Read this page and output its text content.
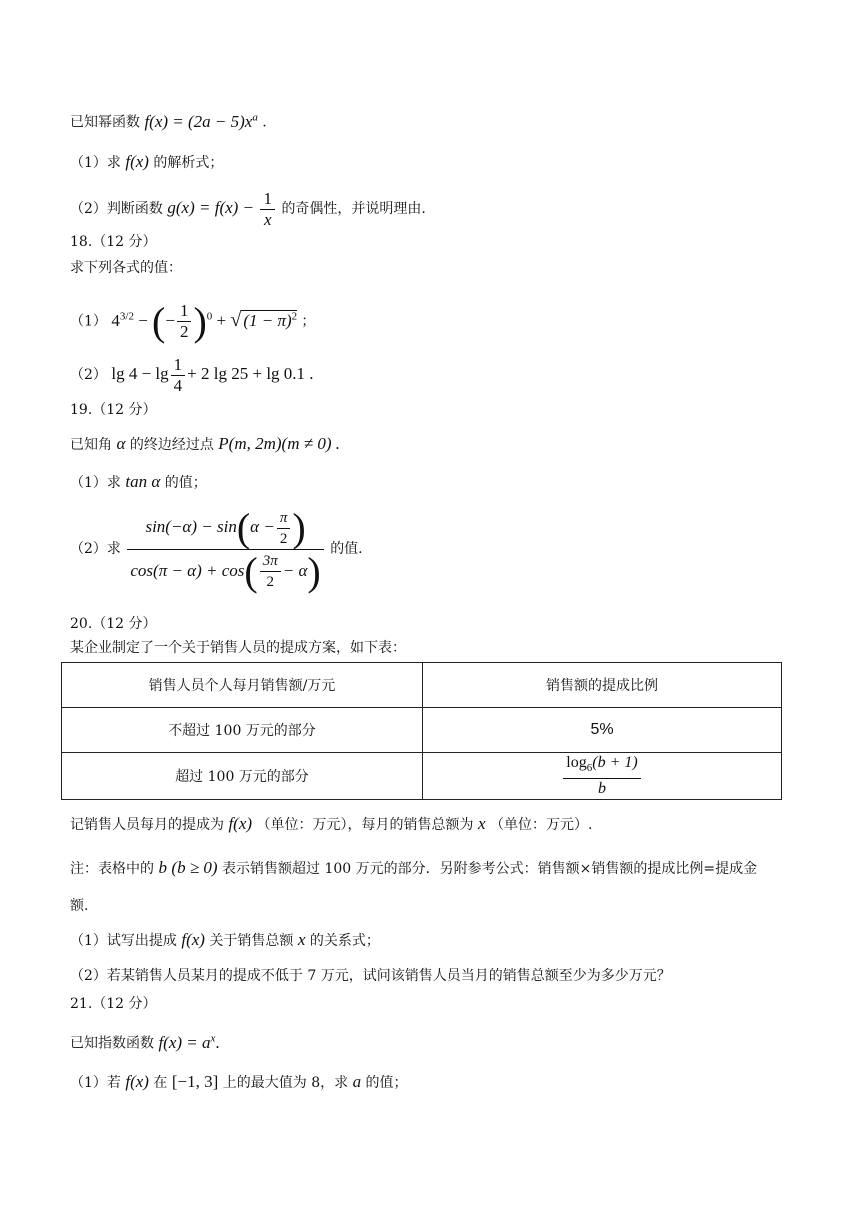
已知幂函数 $f(x) = (2a - 5)x^a$ .
（1）求 f(x) 的解析式；
（2）判断函数 $g(x) = f(x) - \frac{1}{x}$ 的奇偶性，并说明理由.
18.（12 分）
求下列各式的值：
（1） $4^{3/2}$ − (− $\frac{1}{2} )^0$ + √ $(1 - \pi)^2$ ；
（2） $\lg 4 - \lg \frac{1}{4} + 2$ lg 25 + lg 0.1 .
19.（12 分）
已知角 α 的终边经过点 P(m, 2m)(m ≠ 0) .
（1）求 tan α 的值；
（2）求 $\frac{\sin(-\alpha) - \sin(\alpha - \frac{\pi}{2} )}{\cos(\pi - \alpha) + \cos( \frac{3\pi}{2} - \alpha)}$ 的值.
20.（12 分）
某企业制定了一个关于销售人员的提成方案，如下表：
销售人员个人每月销售额/万元	销售额的提成比例
不超过 100 万元的部分	5%
超过 100 万元的部分	$\frac{\log_6(b + 1)}{b}$
记销售人员每月的提成为 f(x) （单位：万元），每月的销售总额为 x （单位：万元）.
注：表格中的 b (b ≥ 0) 表示销售额超过 100 万元的部分．另附参考公式：销售额×销售额的提成比例=提成金
额.
（1）试写出提成 f(x) 关于销售总额 x 的关系式；
（2）若某销售人员某月的提成不低于 7 万元，试问该销售人员当月的销售总额至少为多少万元？
21.（12 分）
已知指数函数 $f(x) = a^x$.
（1）若 f(x) 在 [−1, 3] 上的最大值为 8，求 a 的值；
